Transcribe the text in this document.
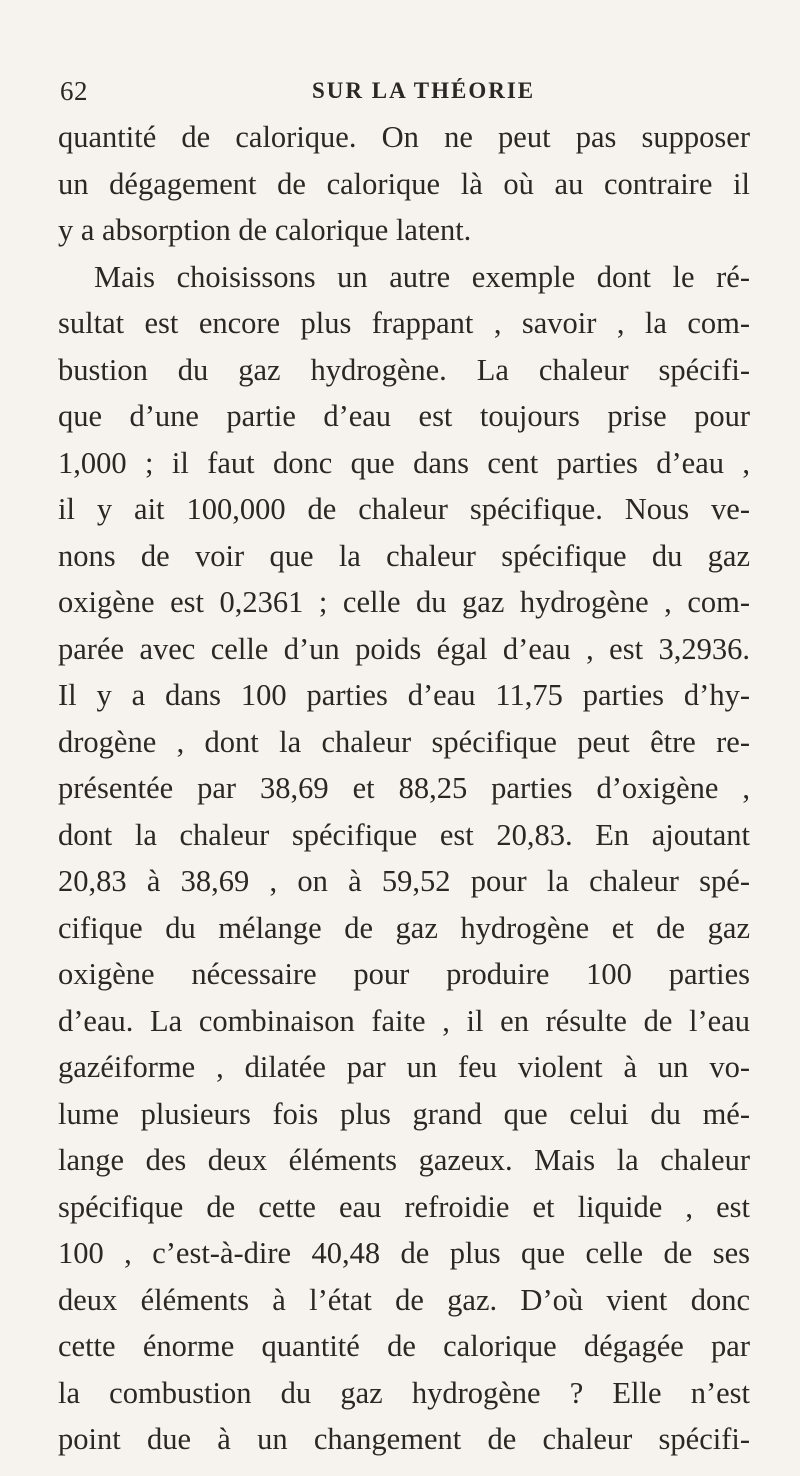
62	SUR LA THÉORIE
quantité de calorique. On ne peut pas supposer
un dégagement de calorique là où au contraire il
y a absorption de calorique latent.
Mais choisissons un autre exemple dont le ré-
sultat est encore plus frappant , savoir , la com-
bustion du gaz hydrogène. La chaleur spécifi-
que d’une partie d’eau est toujours prise pour
1,000 ; il faut donc que dans cent parties d’eau ,
il y ait 100,000 de chaleur spécifique. Nous ve-
nons de voir que la chaleur spécifique du gaz
oxigène est 0,2361 ; celle du gaz hydrogène , com-
parée avec celle d’un poids égal d’eau , est 3,2936.
Il y a dans 100 parties d’eau 11,75 parties d’hy-
drogène , dont la chaleur spécifique peut être re-
présentée par 38,69 et 88,25 parties d’oxigène ,
dont la chaleur spécifique est 20,83. En ajoutant
20,83 à 38,69 , on à 59,52 pour la chaleur spé-
cifique du mélange de gaz hydrogène et de gaz
oxigène nécessaire pour produire 100 parties
d’eau. La combinaison faite , il en résulte de l’eau
gazéiforme , dilatée par un feu violent à un vo-
lume plusieurs fois plus grand que celui du mé-
lange des deux éléments gazeux. Mais la chaleur
spécifique de cette eau refroidie et liquide , est
100 , c’est-à-dire 40,48 de plus que celle de ses
deux éléments à l’état de gaz. D’où vient donc
cette énorme quantité de calorique dégagée par
la combustion du gaz hydrogène ? Elle n’est
point due à un changement de chaleur spécifi-
